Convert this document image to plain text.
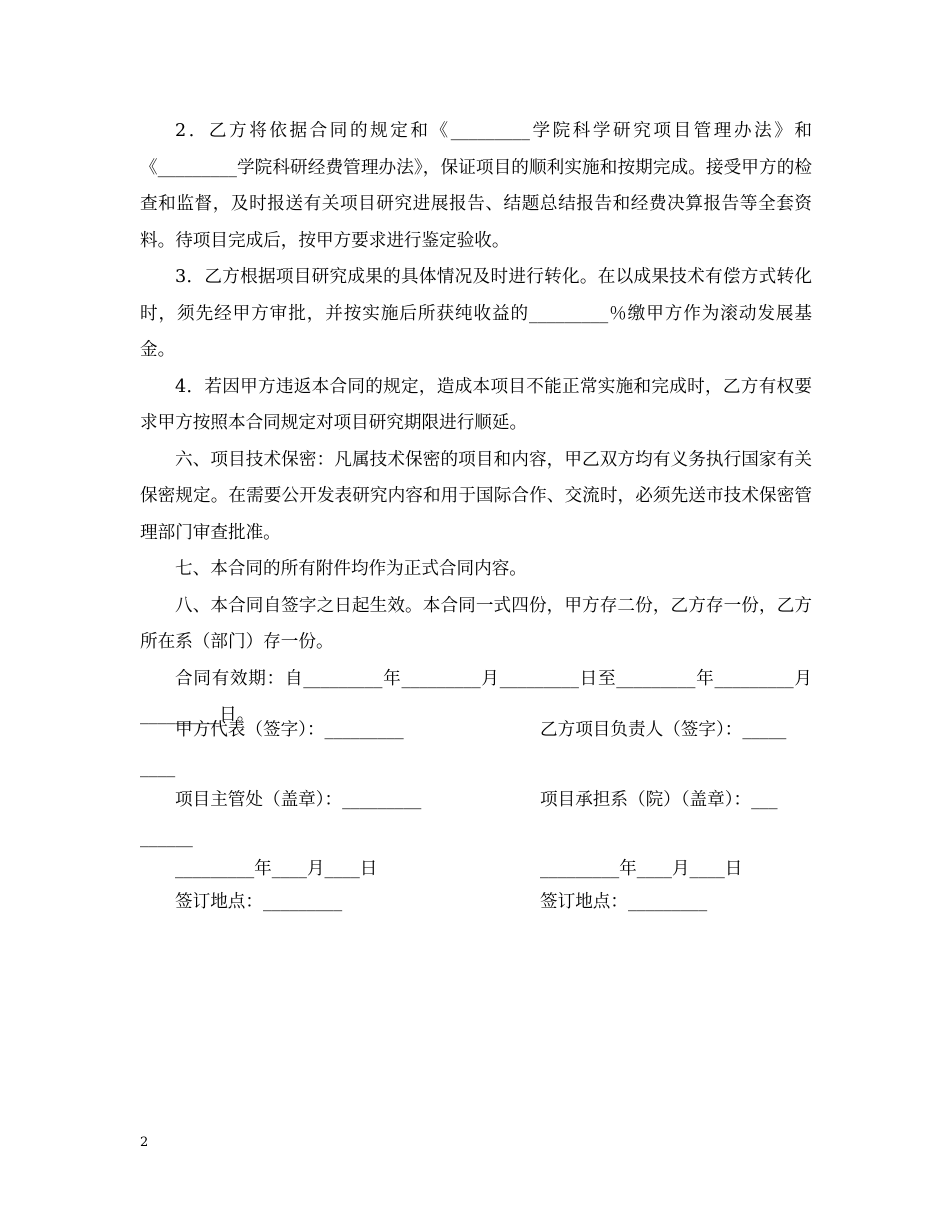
2．乙方将依据合同的规定和《_________学院科学研究项目管理办法》和《_________学院科研经费管理办法》，保证项目的顺利实施和按期完成。接受甲方的检查和监督，及时报送有关项目研究进展报告、结题总结报告和经费决算报告等全套资料。待项目完成后，按甲方要求进行鉴定验收。

3．乙方根据项目研究成果的具体情况及时进行转化。在以成果技术有偿方式转化时，须先经甲方审批，并按实施后所获纯收益的_________％缴甲方作为滚动发展基金。

4．若因甲方违返本合同的规定，造成本项目不能正常实施和完成时，乙方有权要求甲方按照本合同规定对项目研究期限进行顺延。

六、项目技术保密：凡属技术保密的项目和内容，甲乙双方均有义务执行国家有关保密规定。在需要公开发表研究内容和用于国际合作、交流时，必须先送市技术保密管理部门审查批准。

七、本合同的所有附件均作为正式合同内容。

八、本合同自签字之日起生效。本合同一式四份，甲方存二份，乙方存一份，乙方所在系（部门）存一份。

合同有效期：自_________年_________月_________日至_________年_________月_________日。

甲方代表（签字）：_________	乙方项目负责人（签字）：_____
____
项目主管处（盖章）：_________	项目承担系（院）（盖章）：___
______
_________年____月____日	_________年____月____日
签订地点：_________	签订地点：_________
2
